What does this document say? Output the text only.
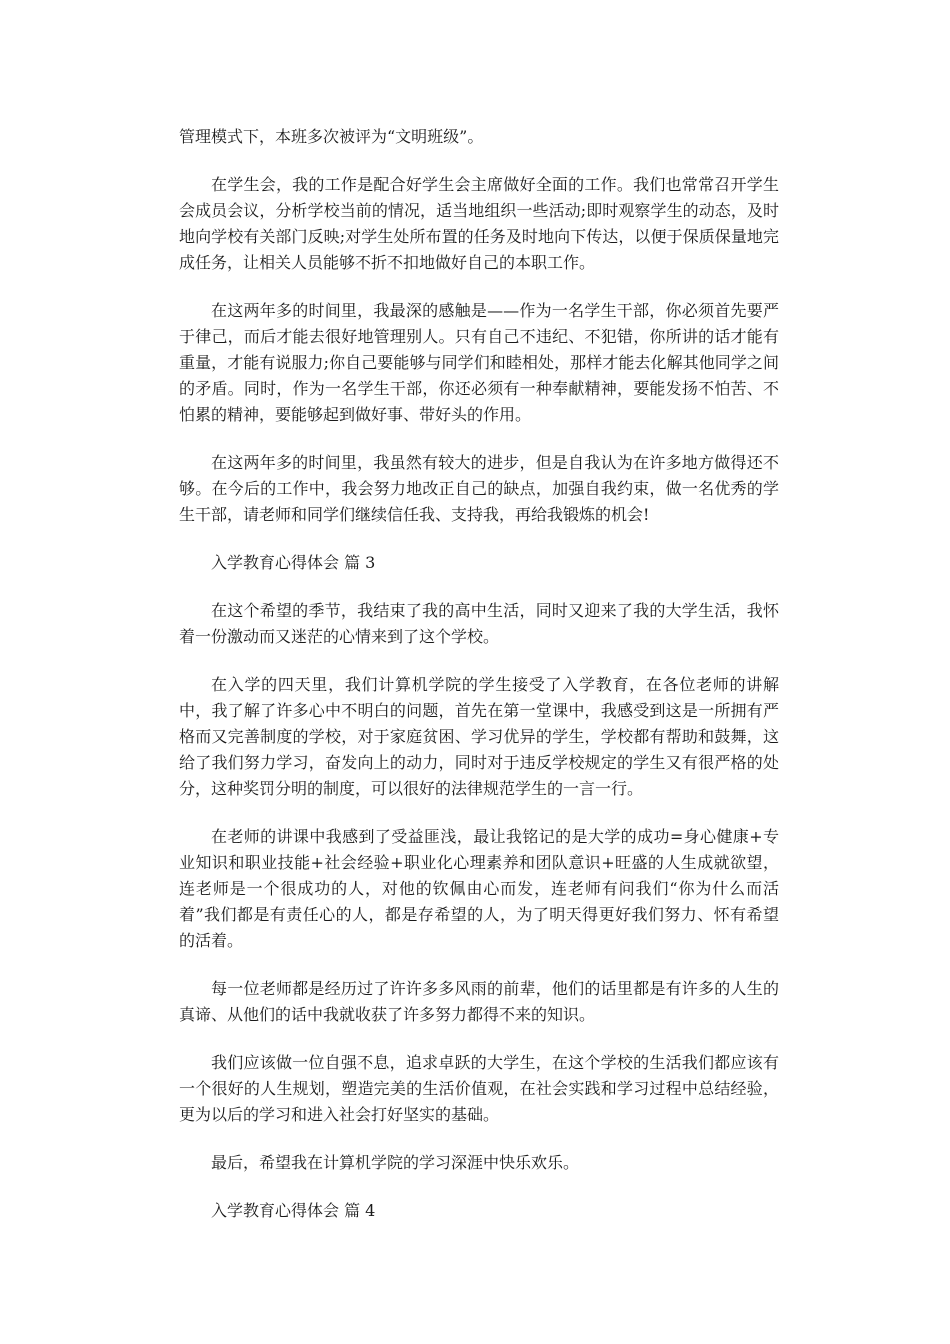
管理模式下，本班多次被评为“文明班级”。

在学生会，我的工作是配合好学生会主席做好全面的工作。我们也常常召开学生会成员会议，分析学校当前的情况，适当地组织一些活动;即时观察学生的动态，及时地向学校有关部门反映;对学生处所布置的任务及时地向下传达，以便于保质保量地完成任务，让相关人员能够不折不扣地做好自己的本职工作。

在这两年多的时间里，我最深的感触是——作为一名学生干部，你必须首先要严于律己，而后才能去很好地管理别人。只有自己不违纪、不犯错，你所讲的话才能有重量，才能有说服力;你自己要能够与同学们和睦相处，那样才能去化解其他同学之间的矛盾。同时，作为一名学生干部，你还必须有一种奉献精神，要能发扬不怕苦、不怕累的精神，要能够起到做好事、带好头的作用。

在这两年多的时间里，我虽然有较大的进步，但是自我认为在许多地方做得还不够。在今后的工作中，我会努力地改正自己的缺点，加强自我约束，做一名优秀的学生干部，请老师和同学们继续信任我、支持我，再给我锻炼的机会!

入学教育心得体会 篇 3

在这个希望的季节，我结束了我的高中生活，同时又迎来了我的大学生活，我怀着一份激动而又迷茫的心情来到了这个学校。

在入学的四天里，我们计算机学院的学生接受了入学教育，在各位老师的讲解中，我了解了许多心中不明白的问题，首先在第一堂课中，我感受到这是一所拥有严格而又完善制度的学校，对于家庭贫困、学习优异的学生，学校都有帮助和鼓舞，这给了我们努力学习，奋发向上的动力，同时对于违反学校规定的学生又有很严格的处分，这种奖罚分明的制度，可以很好的法律规范学生的一言一行。

在老师的讲课中我感到了受益匪浅，最让我铭记的是大学的成功=身心健康+专业知识和职业技能+社会经验+职业化心理素养和团队意识+旺盛的人生成就欲望，连老师是一个很成功的人，对他的钦佩由心而发，连老师有问我们“你为什么而活着”我们都是有责任心的人，都是存希望的人，为了明天得更好我们努力、怀有希望的活着。

每一位老师都是经历过了许许多多风雨的前辈，他们的话里都是有许多的人生的真谛、从他们的话中我就收获了许多努力都得不来的知识。

我们应该做一位自强不息，追求卓跃的大学生，在这个学校的生活我们都应该有一个很好的人生规划，塑造完美的生活价值观，在社会实践和学习过程中总结经验，更为以后的学习和进入社会打好坚实的基础。

最后，希望我在计算机学院的学习深涯中快乐欢乐。

入学教育心得体会 篇 4
